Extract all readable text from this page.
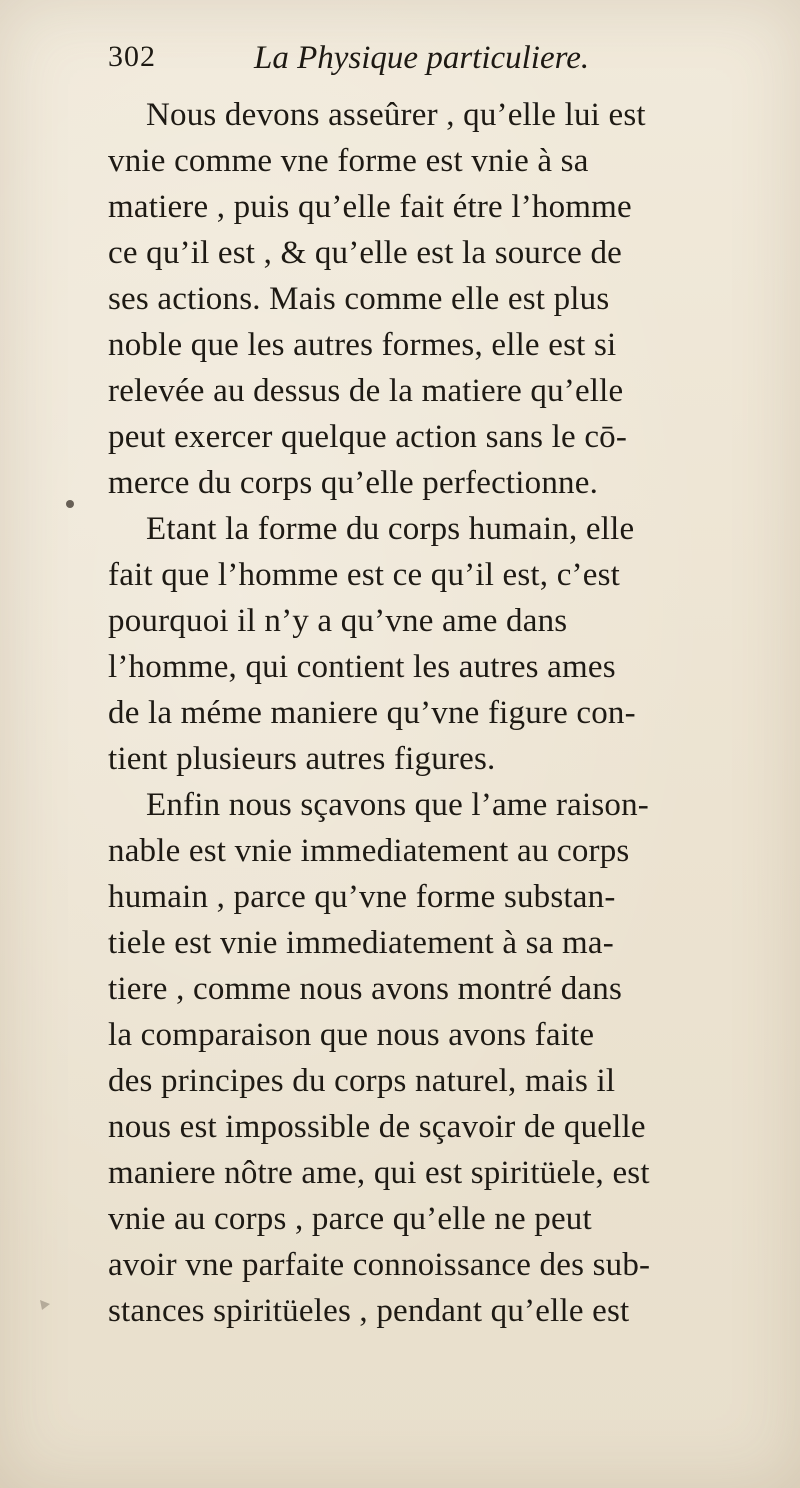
302	La Physique particuliere.
Nous devons asseûrer , qu’elle lui est
vnie comme vne forme est vnie à sa
matiere , puis qu’elle fait étre l’homme
ce qu’il est , & qu’elle est la source de
ses actions. Mais comme elle est plus
noble que les autres formes, elle est si
relevée au dessus de la matiere qu’elle
peut exercer quelque action sans le cō-
merce du corps qu’elle perfectionne.
Etant la forme du corps humain, elle
fait que l’homme est ce qu’il est, c’est
pourquoi il n’y a qu’vne ame dans
l’homme, qui contient les autres ames
de la méme maniere qu’vne figure con-
tient plusieurs autres figures.
Enfin nous sçavons que l’ame raison-
nable est vnie immediatement au corps
humain , parce qu’vne forme substan-
tiele est vnie immediatement à sa ma-
tiere , comme nous avons montré dans
la comparaison que nous avons faite
des principes du corps naturel, mais il
nous est impossible de sçavoir de quelle
maniere nôtre ame, qui est spiritüele, est
vnie au corps , parce qu’elle ne peut
avoir vne parfaite connoissance des sub-
stances spiritüeles , pendant qu’elle est
